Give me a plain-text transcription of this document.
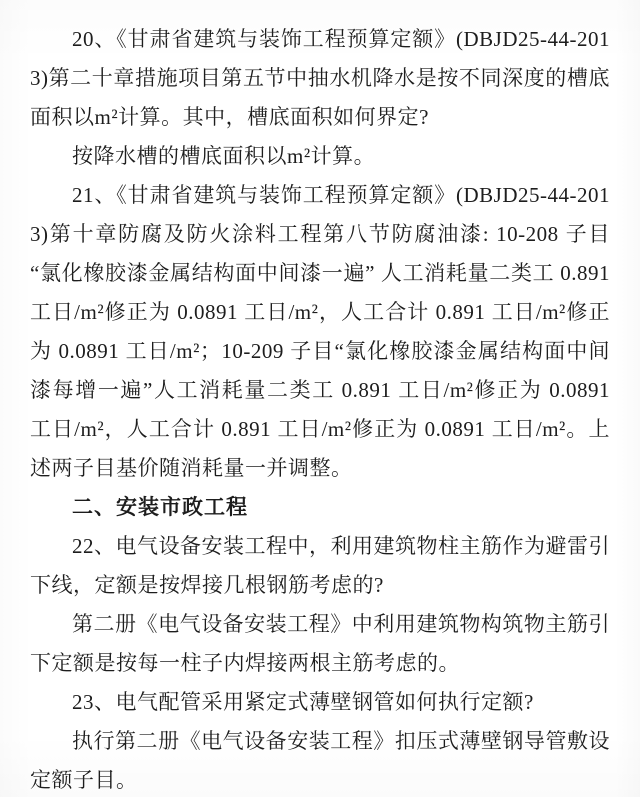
20、《甘肃省建筑与装饰工程预算定额》(DBJD25-44-2013)第二十章措施项目第五节中抽水机降水是按不同深度的槽底面积以m²计算。其中，槽底面积如何界定?

按降水槽的槽底面积以m²计算。

21、《甘肃省建筑与装饰工程预算定额》(DBJD25-44-2013)第十章防腐及防火涂料工程第八节防腐油漆: 10-208 子目 “氯化橡胶漆金属结构面中间漆一遍” 人工消耗量二类工 0.891 工日/m²修正为 0.0891 工日/m²，人工合计 0.891 工日/m²修正为 0.0891 工日/m²；10-209 子目“氯化橡胶漆金属结构面中间漆每增一遍”人工消耗量二类工 0.891 工日/m²修正为 0.0891 工日/m²，人工合计 0.891 工日/m²修正为 0.0891 工日/m²。上述两子目基价随消耗量一并调整。

二、安装市政工程

22、电气设备安装工程中，利用建筑物柱主筋作为避雷引下线，定额是按焊接几根钢筋考虑的?

第二册《电气设备安装工程》中利用建筑物构筑物主筋引下定额是按每一柱子内焊接两根主筋考虑的。

23、电气配管采用紧定式薄壁钢管如何执行定额?

执行第二册《电气设备安装工程》扣压式薄壁钢导管敷设定额子目。
